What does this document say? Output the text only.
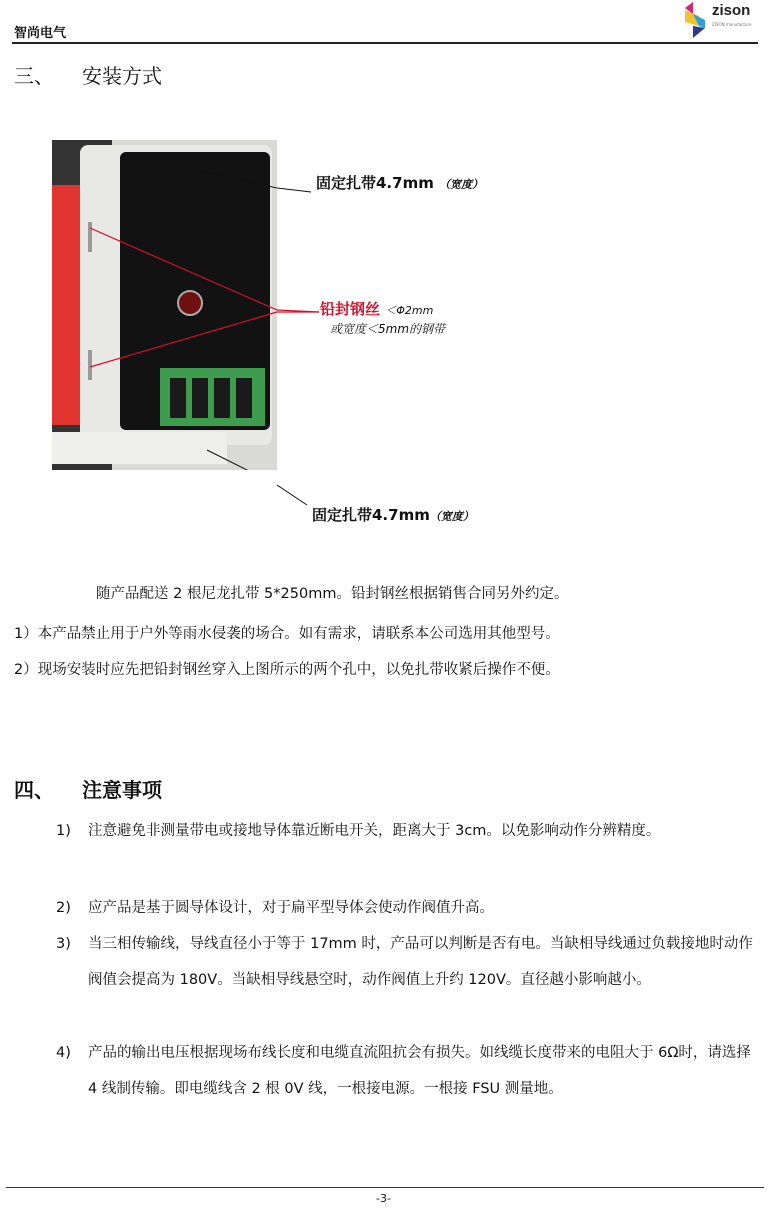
智尚电气
zison
ZISON manufacture
三、 安装方式
固定扎带4.7mm （宽度）
铅封钢丝 ＜Φ2mm
或宽度＜5mm的钢带
固定扎带4.7mm（宽度）
随产品配送 2 根尼龙扎带 5*250mm。铅封钢丝根据销售合同另外约定。
1）本产品禁止用于户外等雨水侵袭的场合。如有需求，请联系本公司选用其他型号。
2）现场安装时应先把铅封钢丝穿入上图所示的两个孔中，以免扎带收紧后操作不便。
四、 注意事项
1) 注意避免非测量带电或接地导体靠近断电开关，距离大于 3cm。以免影响动作分辨精度。
2) 应产品是基于圆导体设计，对于扁平型导体会使动作阀值升高。
3) 当三相传输线，导线直径小于等于 17mm 时，产品可以判断是否有电。当缺相导线通过负载接地时动作阀值会提高为 180V。当缺相导线悬空时，动作阀值上升约 120V。直径越小影响越小。
4) 产品的输出电压根据现场布线长度和电缆直流阻抗会有损失。如线缆长度带来的电阻大于 6Ω时，请选择 4 线制传输。即电缆线含 2 根 0V 线，一根接电源。一根接 FSU 测量地。
-3-
